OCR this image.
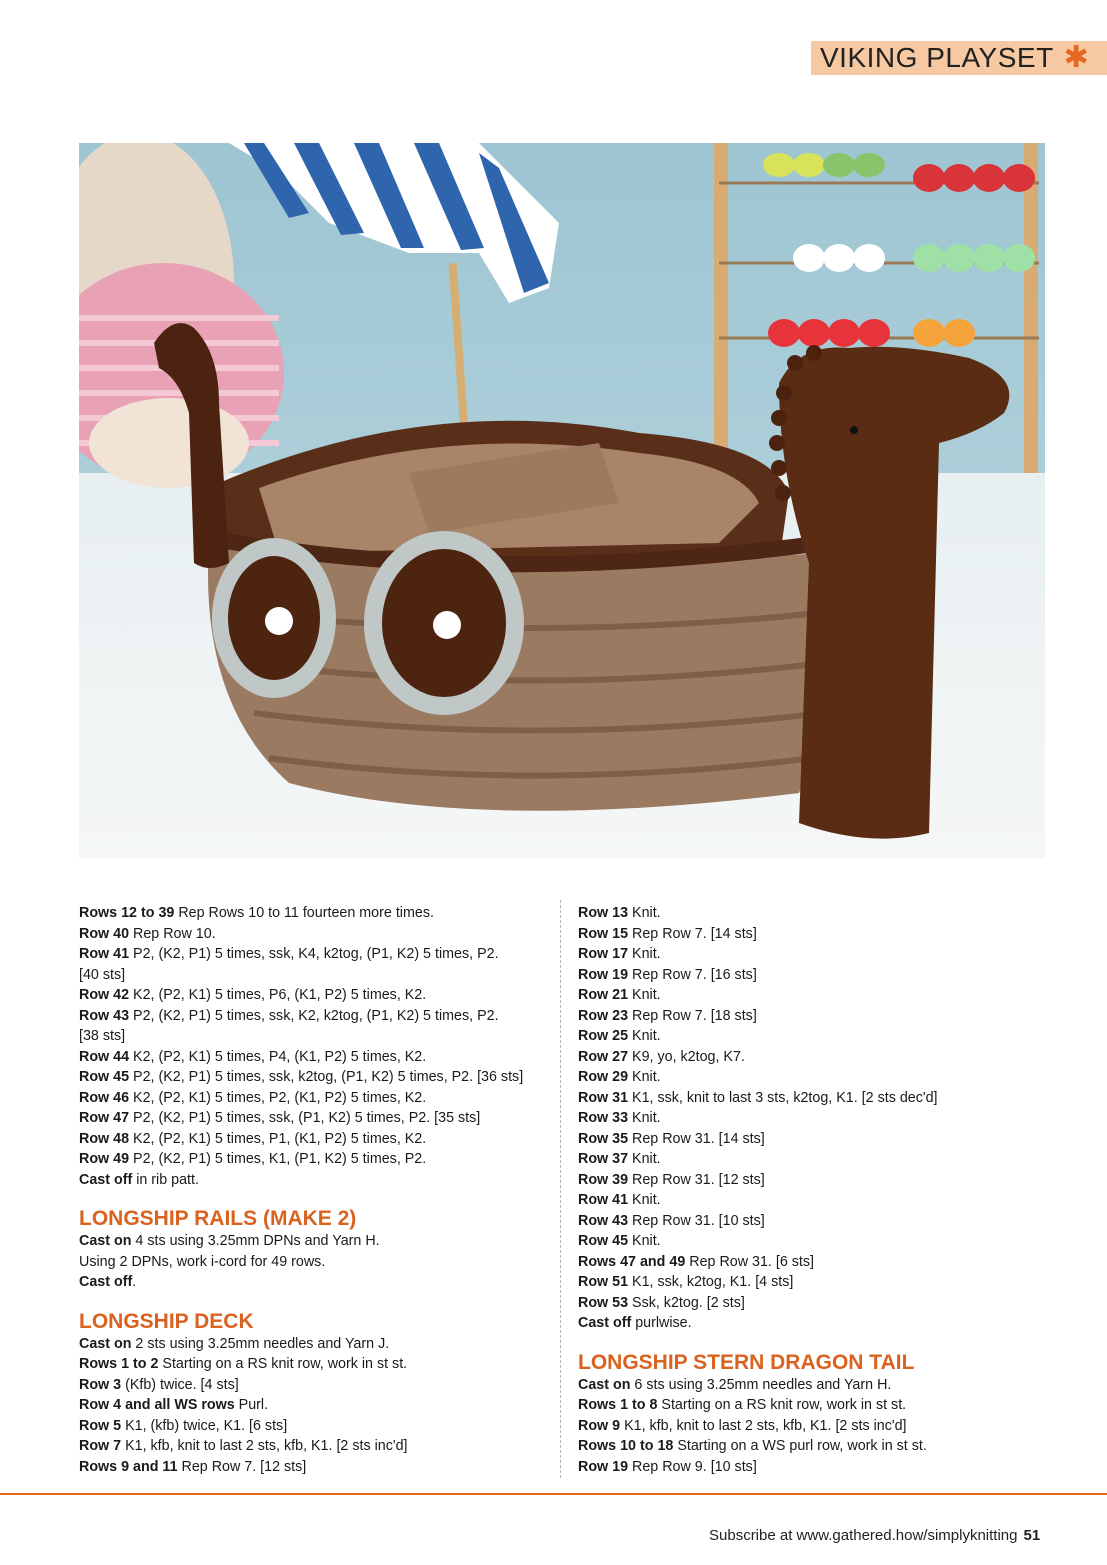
VIKING PLAYSET ✱
Rows 12 to 39 Rep Rows 10 to 11 fourteen more times.
Row 40 Rep Row 10.
Row 41 P2, (K2, P1) 5 times, ssk, K4, k2tog, (P1, K2) 5 times, P2.
[40 sts]
Row 42 K2, (P2, K1) 5 times, P6, (K1, P2) 5 times, K2.
Row 43 P2, (K2, P1) 5 times, ssk, K2, k2tog, (P1, K2) 5 times, P2.
[38 sts]
Row 44 K2, (P2, K1) 5 times, P4, (K1, P2) 5 times, K2.
Row 45 P2, (K2, P1) 5 times, ssk, k2tog, (P1, K2) 5 times, P2. [36 sts]
Row 46 K2, (P2, K1) 5 times, P2, (K1, P2) 5 times, K2.
Row 47 P2, (K2, P1) 5 times, ssk, (P1, K2) 5 times, P2. [35 sts]
Row 48 K2, (P2, K1) 5 times, P1, (K1, P2) 5 times, K2.
Row 49 P2, (K2, P1) 5 times, K1, (P1, K2) 5 times, P2.
Cast off in rib patt.
LONGSHIP RAILS (MAKE 2)
Cast on 4 sts using 3.25mm DPNs and Yarn H.
Using 2 DPNs, work i-cord for 49 rows.
Cast off.
LONGSHIP DECK
Cast on 2 sts using 3.25mm needles and Yarn J.
Rows 1 to 2 Starting on a RS knit row, work in st st.
Row 3 (Kfb) twice. [4 sts]
Row 4 and all WS rows Purl.
Row 5 K1, (kfb) twice, K1. [6 sts]
Row 7 K1, kfb, knit to last 2 sts, kfb, K1. [2 sts inc'd]
Rows 9 and 11 Rep Row 7. [12 sts]
Row 13 Knit.
Row 15 Rep Row 7. [14 sts]
Row 17 Knit.
Row 19 Rep Row 7. [16 sts]
Row 21 Knit.
Row 23 Rep Row 7. [18 sts]
Row 25 Knit.
Row 27 K9, yo, k2tog, K7.
Row 29 Knit.
Row 31 K1, ssk, knit to last 3 sts, k2tog, K1. [2 sts dec'd]
Row 33 Knit.
Row 35 Rep Row 31. [14 sts]
Row 37 Knit.
Row 39 Rep Row 31. [12 sts]
Row 41 Knit.
Row 43 Rep Row 31. [10 sts]
Row 45 Knit.
Rows 47 and 49 Rep Row 31. [6 sts]
Row 51 K1, ssk, k2tog, K1. [4 sts]
Row 53 Ssk, k2tog. [2 sts]
Cast off purlwise.
LONGSHIP STERN DRAGON TAIL
Cast on 6 sts using 3.25mm needles and Yarn H.
Rows 1 to 8 Starting on a RS knit row, work in st st.
Row 9 K1, kfb, knit to last 2 sts, kfb, K1. [2 sts inc'd]
Rows 10 to 18 Starting on a WS purl row, work in st st.
Row 19 Rep Row 9. [10 sts]
Subscribe at www.gathered.how/simplyknitting 51
